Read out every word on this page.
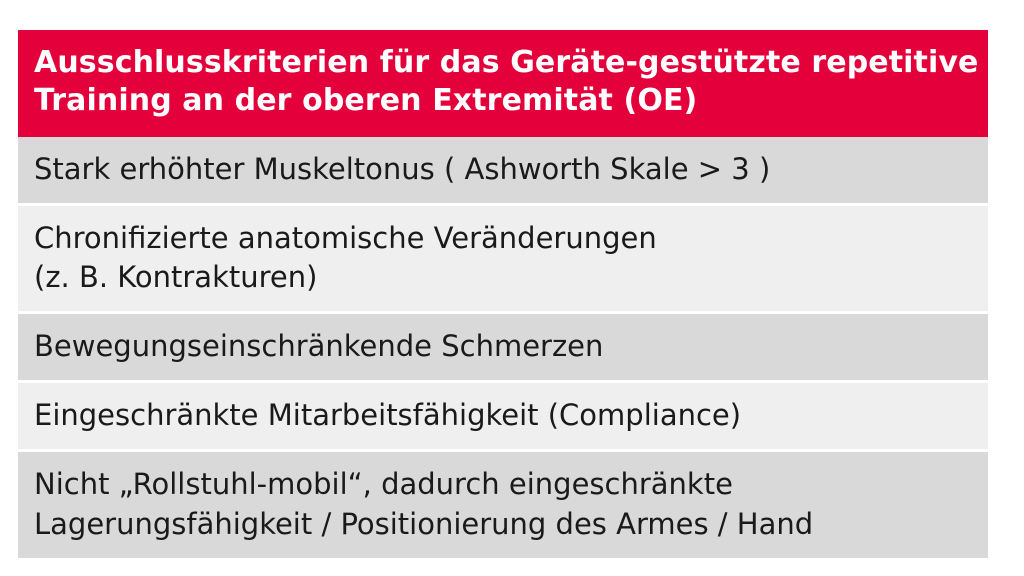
Ausschlusskriterien für das Geräte-gestützte repetitive
Training an der oberen Extremität (OE)
Stark erhöhter Muskeltonus ( Ashworth Skale > 3 )
Chronifizierte anatomische Veränderungen
(z. B. Kontrakturen)
Bewegungseinschränkende Schmerzen
Eingeschränkte Mitarbeitsfähigkeit (Compliance)
Nicht „Rollstuhl-mobil“, dadurch eingeschränkte
Lagerungsfähigkeit / Positionierung des Armes / Hand
